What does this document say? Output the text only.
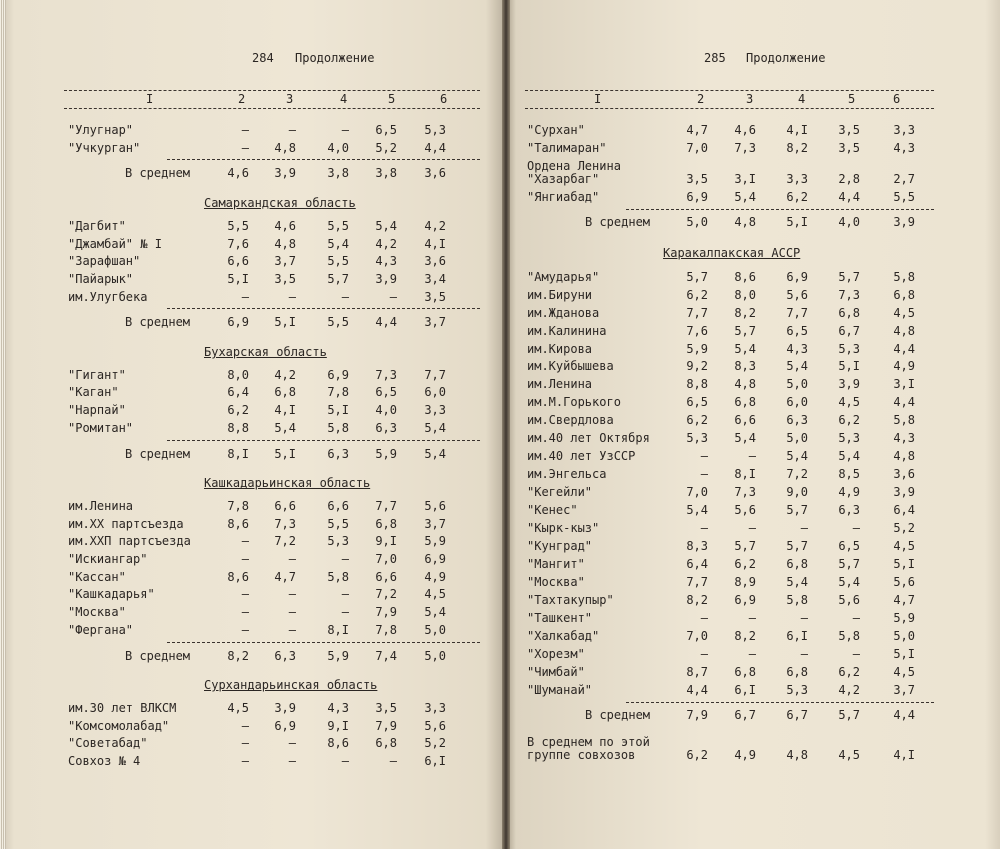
284 Продолжение
I	2	3	4	5	6
"Улугнар"	–	–	–	6,5	5,3
"Учкурган"	–	4,8	4,0	5,2	4,4
В среднем	4,6	3,9	3,8	3,8	3,6
Самаркандская область
"Дагбит"	5,5	4,6	5,5	5,4	4,2
"Джамбай" № I	7,6	4,8	5,4	4,2	4,I
"Зарафшан"	6,6	3,7	5,5	4,3	3,6
"Пайарык"	5,I	3,5	5,7	3,9	3,4
им.Улугбека	–	–	–	–	3,5
В среднем	6,9	5,I	5,5	4,4	3,7
Бухарская область
"Гигант"	8,0	4,2	6,9	7,3	7,7
"Каган"	6,4	6,8	7,8	6,5	6,0
"Нарпай"	6,2	4,I	5,I	4,0	3,3
"Ромитан"	8,8	5,4	5,8	6,3	5,4
В среднем	8,I	5,I	6,3	5,9	5,4
Кашкадарьинская область
им.Ленина	7,8	6,6	6,6	7,7	5,6
им.XX партсъезда	8,6	7,3	5,5	6,8	3,7
им.XXП партсъезда	–	7,2	5,3	9,I	5,9
"Искиангар"	–	–	–	7,0	6,9
"Кассан"	8,6	4,7	5,8	6,6	4,9
"Кашкадарья"	–	–	–	7,2	4,5
"Москва"	–	–	–	7,9	5,4
"Фергана"	–	–	8,I	7,8	5,0
В среднем	8,2	6,3	5,9	7,4	5,0
Сурхандарьинская область
им.30 лет ВЛКСМ	4,5	3,9	4,3	3,5	3,3
"Комсомолабад"	–	6,9	9,I	7,9	5,6
"Советабад"	–	–	8,6	6,8	5,2
Совхоз № 4	–	–	–	–	6,I
285 Продолжение
I	2	3	4	5	6
"Сурхан"	4,7	4,6	4,I	3,5	3,3
"Талимаран"	7,0	7,3	8,2	3,5	4,3
Ордена Ленина
"Хазарбаг"	3,5	3,I	3,3	2,8	2,7
"Янгиабад"	6,9	5,4	6,2	4,4	5,5
В среднем	5,0	4,8	5,I	4,0	3,9
Каракалпакская АССР
"Амударья"	5,7	8,6	6,9	5,7	5,8
им.Бируни	6,2	8,0	5,6	7,3	6,8
им.Жданова	7,7	8,2	7,7	6,8	4,5
им.Калинина	7,6	5,7	6,5	6,7	4,8
им.Кирова	5,9	5,4	4,3	5,3	4,4
им.Куйбышева	9,2	8,3	5,4	5,I	4,9
им.Ленина	8,8	4,8	5,0	3,9	3,I
им.М.Горького	6,5	6,8	6,0	4,5	4,4
им.Свердлова	6,2	6,6	6,3	6,2	5,8
им.40 лет Октября	5,3	5,4	5,0	5,3	4,3
им.40 лет УзССР	–	–	5,4	5,4	4,8
им.Энгельса	–	8,I	7,2	8,5	3,6
"Кегейли"	7,0	7,3	9,0	4,9	3,9
"Кенес"	5,4	5,6	5,7	6,3	6,4
"Кырк-кыз"	–	–	–	–	5,2
"Кунград"	8,3	5,7	5,7	6,5	4,5
"Мангит"	6,4	6,2	6,8	5,7	5,I
"Москва"	7,7	8,9	5,4	5,4	5,6
"Тахтакупыр"	8,2	6,9	5,8	5,6	4,7
"Ташкент"	–	–	–	–	5,9
"Халкабад"	7,0	8,2	6,I	5,8	5,0
"Хорезм"	–	–	–	–	5,I
"Чимбай"	8,7	6,8	6,8	6,2	4,5
"Шуманай"	4,4	6,I	5,3	4,2	3,7
В среднем	7,9	6,7	6,7	5,7	4,4
В среднем по этой
группе совхозов	6,2	4,9	4,8	4,5	4,I
